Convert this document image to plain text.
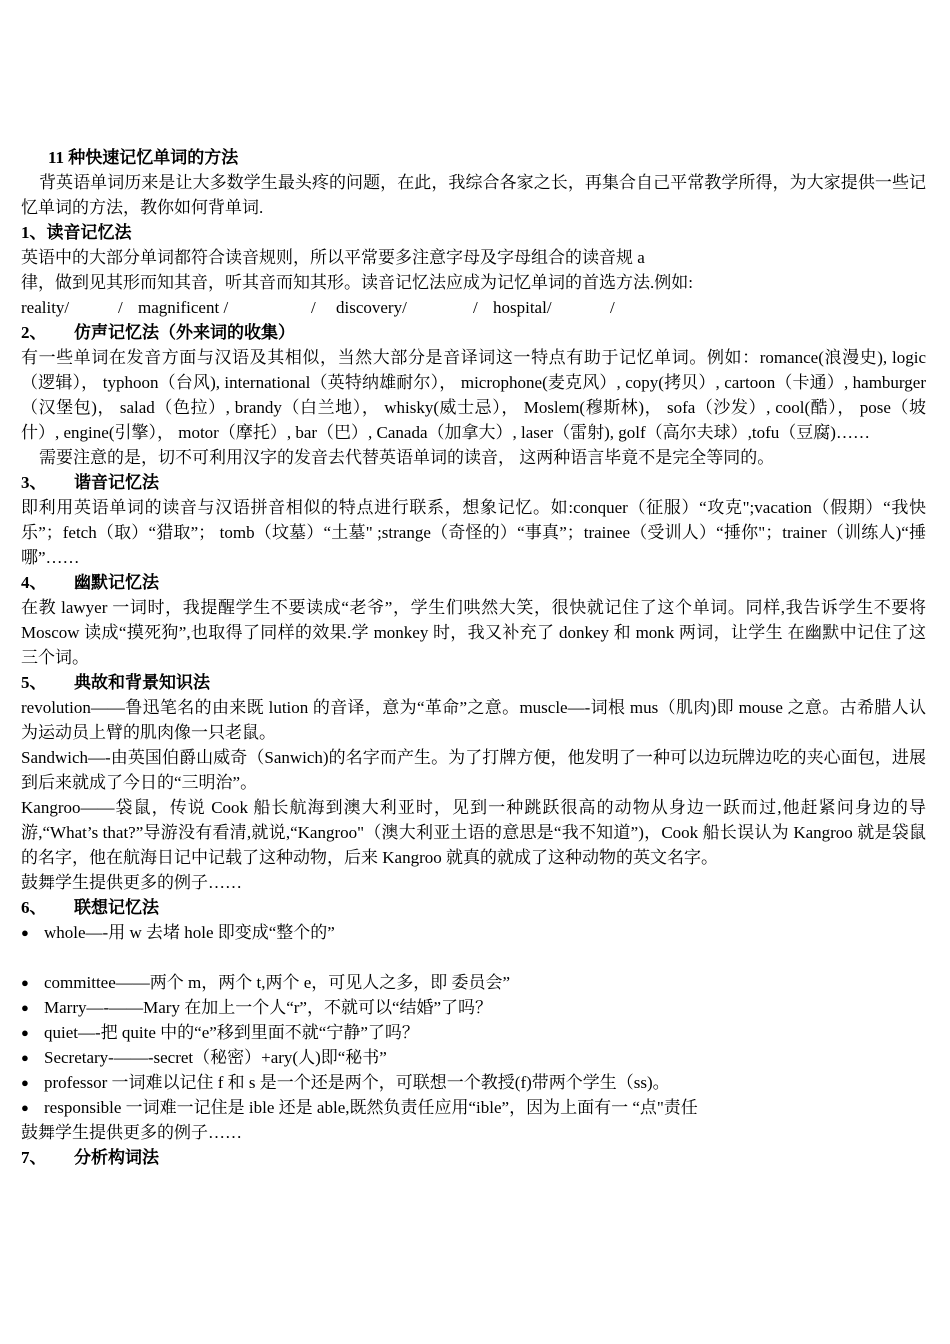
11 种快速记忆单词的方法
背英语单词历来是让大多数学生最头疼的问题，在此，我综合各家之长，再集合自己平常教学所得，为大家提供一些记忆单词的方法，教你如何背单词.
1、读音记忆法
英语中的大部分单词都符合读音规则，所以平常要多注意字母及字母组合的读音规 a
律，做到见其形而知其音，听其音而知其形。读音记忆法应成为记忆单词的首选方法.例如:
reality/	/ magnificent /	/ discovery/	/ hospital/	/
2、 仿声记忆法（外来词的收集）
有一些单词在发音方面与汉语及其相似，当然大部分是音译词这一特点有助于记忆单词。例如：romance(浪漫史), logic（逻辑）， typhoon（台风), international（英特纳雄耐尔）， microphone(麦克风）, copy(拷贝）, cartoon（卡通）, hamburger（汉堡包)， salad（色拉）, brandy（白兰地）， whisky(威士忌）， Moslem(穆斯林)， sofa（沙发）, cool(酷）， pose（坡什）, engine(引擎）， motor（摩托）, bar（巴）, Canada（加拿大）, laser（雷射), golf（高尔夫球）,tofu（豆腐)……
需要注意的是，切不可利用汉字的发音去代替英语单词的读音， 这两种语言毕竟不是完全等同的。
3、 谐音记忆法
即利用英语单词的读音与汉语拼音相似的特点进行联系，想象记忆。如:conquer（征服）“攻克";vacation（假期）“我快乐”；fetch（取）“猎取”； tomb（坟墓）“土墓" ;strange（奇怪的）“事真”；trainee（受训人）“捶你"；trainer（训练人)“捶哪”……
4、 幽默记忆法
在教 lawyer 一词时，我提醒学生不要读成“老爷”，学生们哄然大笑，很快就记住了这个单词。同样,我告诉学生不要将 Moscow 读成“摸死狗”,也取得了同样的效果.学 monkey 时，我又补充了 donkey 和 monk 两词，让学生 在幽默中记住了这三个词。
5、 典故和背景知识法
revolution——鲁迅笔名的由来既 lution 的音译，意为“革命”之意。muscle—-词根 mus（肌肉)即 mouse 之意。古希腊人认为运动员上臂的肌肉像一只老鼠。
Sandwich—-由英国伯爵山威奇（Sanwich)的名字而产生。为了打牌方便，他发明了一种可以边玩牌边吃的夹心面包，进展到后来就成了今日的“三明治”。
Kangroo——袋鼠，传说 Cook 船长航海到澳大利亚时，见到一种跳跃很高的动物从身边一跃而过,他赶紧问身边的导游,“What’s that?”导游没有看清,就说,“Kangroo"（澳大利亚土语的意思是“我不知道”)，Cook 船长误认为 Kangroo 就是袋鼠的名字，他在航海日记中记载了这种动物，后来 Kangroo 就真的就成了这种动物的英文名字。
鼓舞学生提供更多的例子……
6、 联想记忆法
● whole—-用 w 去堵 hole 即变成“整个的”
● committee——两个 m，两个 t,两个 e，可见人之多，即 委员会”
● Marry—-——Mary 在加上一个人“r”，不就可以“结婚”了吗？
● quiet—-把 quite 中的“e”移到里面不就“宁静”了吗？
● Secretary-——-secret（秘密）+ary(人)即“秘书”
● professor 一词难以记住 f 和 s 是一个还是两个，可联想一个教授(f)带两个学生（ss)。
● responsible 一词难一记住是 ible 还是 able,既然负责任应用“ible”，因为上面有一 “点"责任
鼓舞学生提供更多的例子……
7、 分析构词法
